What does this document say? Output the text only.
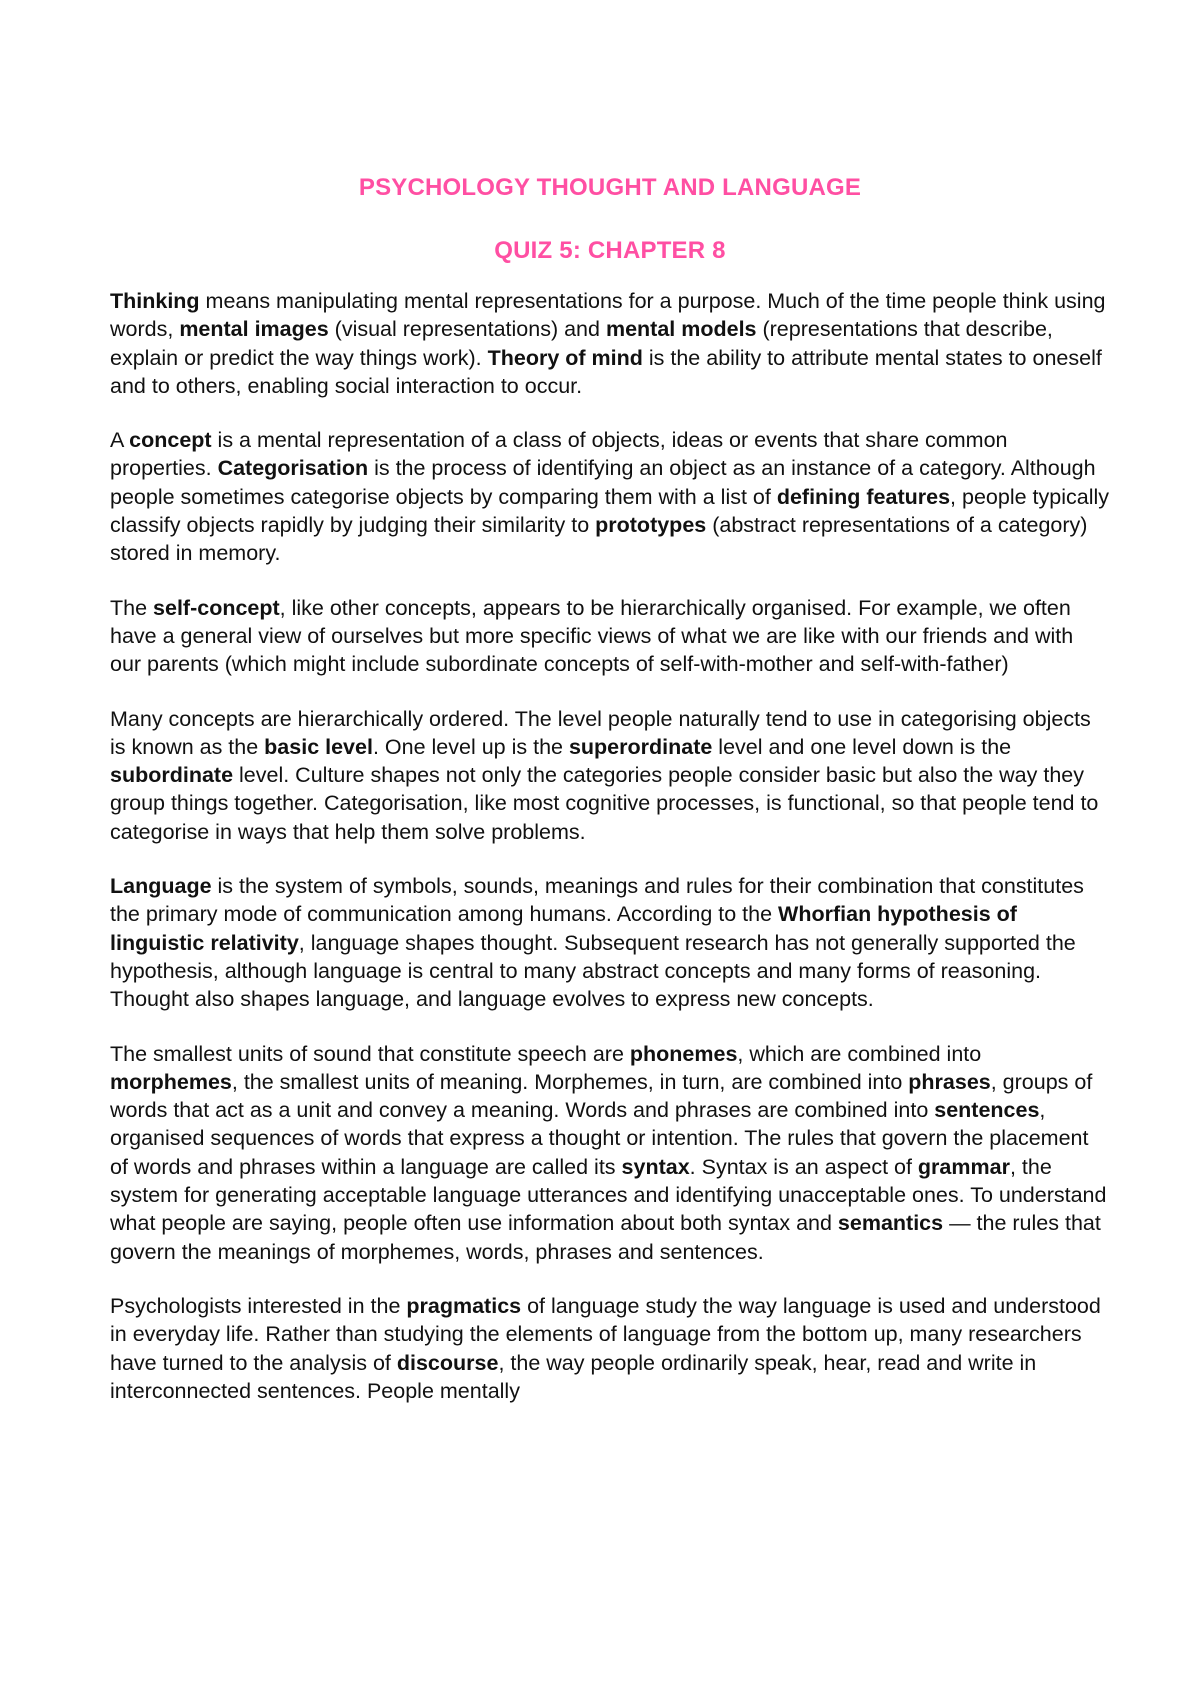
PSYCHOLOGY THOUGHT AND LANGUAGE
QUIZ 5: CHAPTER 8

Thinking means manipulating mental representations for a purpose. Much of the time people think using words, mental images (visual representations) and mental models (representations that describe, explain or predict the way things work). Theory of mind is the ability to attribute mental states to oneself and to others, enabling social interaction to occur.

A concept is a mental representation of a class of objects, ideas or events that share common properties. Categorisation is the process of identifying an object as an instance of a category. Although people sometimes categorise objects by comparing them with a list of defining features, people typically classify objects rapidly by judging their similarity to prototypes (abstract representations of a category) stored in memory.

The self-concept, like other concepts, appears to be hierarchically organised. For example, we often have a general view of ourselves but more specific views of what we are like with our friends and with our parents (which might include subordinate concepts of self-with-mother and self-with-father)

Many concepts are hierarchically ordered. The level people naturally tend to use in categorising objects is known as the basic level. One level up is the superordinate level and one level down is the subordinate level. Culture shapes not only the categories people consider basic but also the way they group things together. Categorisation, like most cognitive processes, is functional, so that people tend to categorise in ways that help them solve problems.

Language is the system of symbols, sounds, meanings and rules for their combination that constitutes the primary mode of communication among humans. According to the Whorfian hypothesis of linguistic relativity, language shapes thought. Subsequent research has not generally supported the hypothesis, although language is central to many abstract concepts and many forms of reasoning. Thought also shapes language, and language evolves to express new concepts.

The smallest units of sound that constitute speech are phonemes, which are combined into morphemes, the smallest units of meaning. Morphemes, in turn, are combined into phrases, groups of words that act as a unit and convey a meaning. Words and phrases are combined into sentences, organised sequences of words that express a thought or intention. The rules that govern the placement of words and phrases within a language are called its syntax. Syntax is an aspect of grammar, the system for generating acceptable language utterances and identifying unacceptable ones. To understand what people are saying, people often use information about both syntax and semantics — the rules that govern the meanings of morphemes, words, phrases and sentences.

Psychologists interested in the pragmatics of language study the way language is used and understood in everyday life. Rather than studying the elements of language from the bottom up, many researchers have turned to the analysis of discourse, the way people ordinarily speak, hear, read and write in interconnected sentences. People mentally
